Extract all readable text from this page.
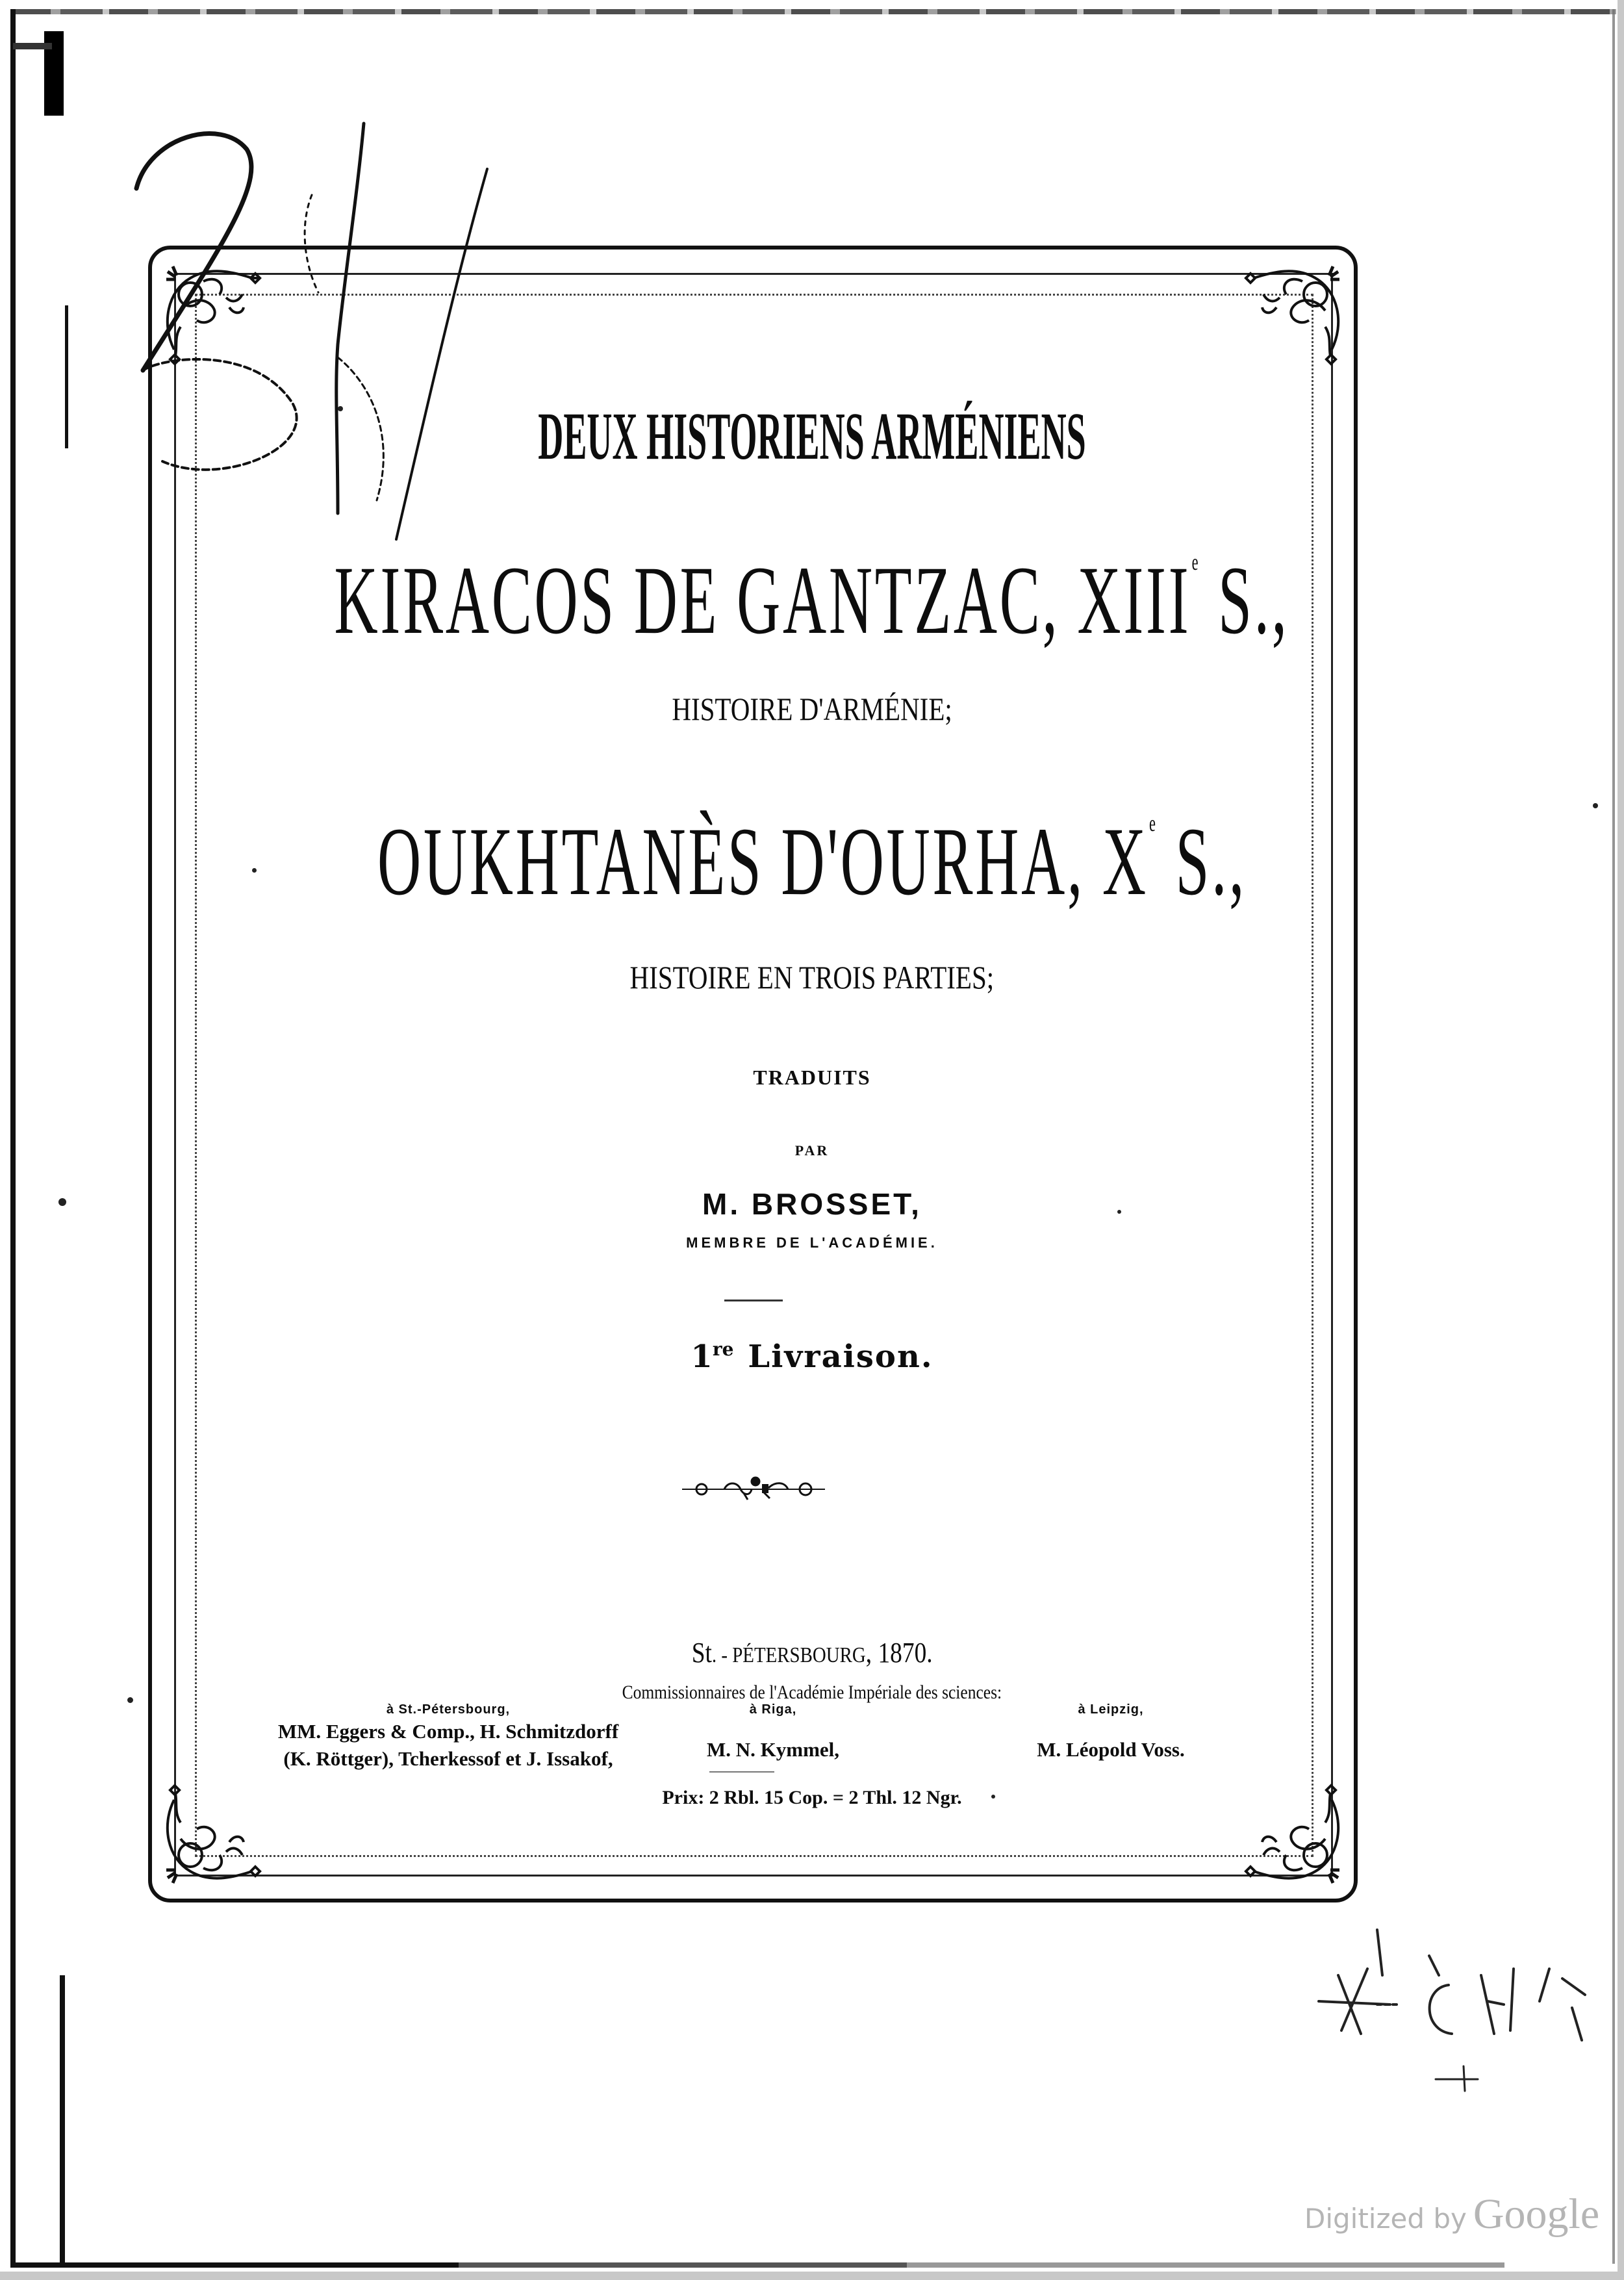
DEUX HISTORIENS ARMÉNIENS
KIRACOS DE GANTZAC, XIIIe S.,
HISTOIRE D'ARMÉNIE;
OUKHTANÈS D'OURHA, Xe S.,
HISTOIRE EN TROIS PARTIES;
TRADUITS
PAR
M. BROSSET,
MEMBRE DE L'ACADÉMIE.
1re Livraison.
St. - PÉTERSBOURG, 1870.
Commissionnaires de l'Académie Impériale des sciences:
à St.-Pétersbourg,
MM. Eggers & Comp., H. Schmitzdorff
(K. Röttger), Tcherkessof et J. Issakof,
à Riga,
M. N. Kymmel,
à Leipzig,
M. Léopold Voss.
Prix: 2 Rbl. 15 Cop. = 2 Thl. 12 Ngr.
Digitized by Google
